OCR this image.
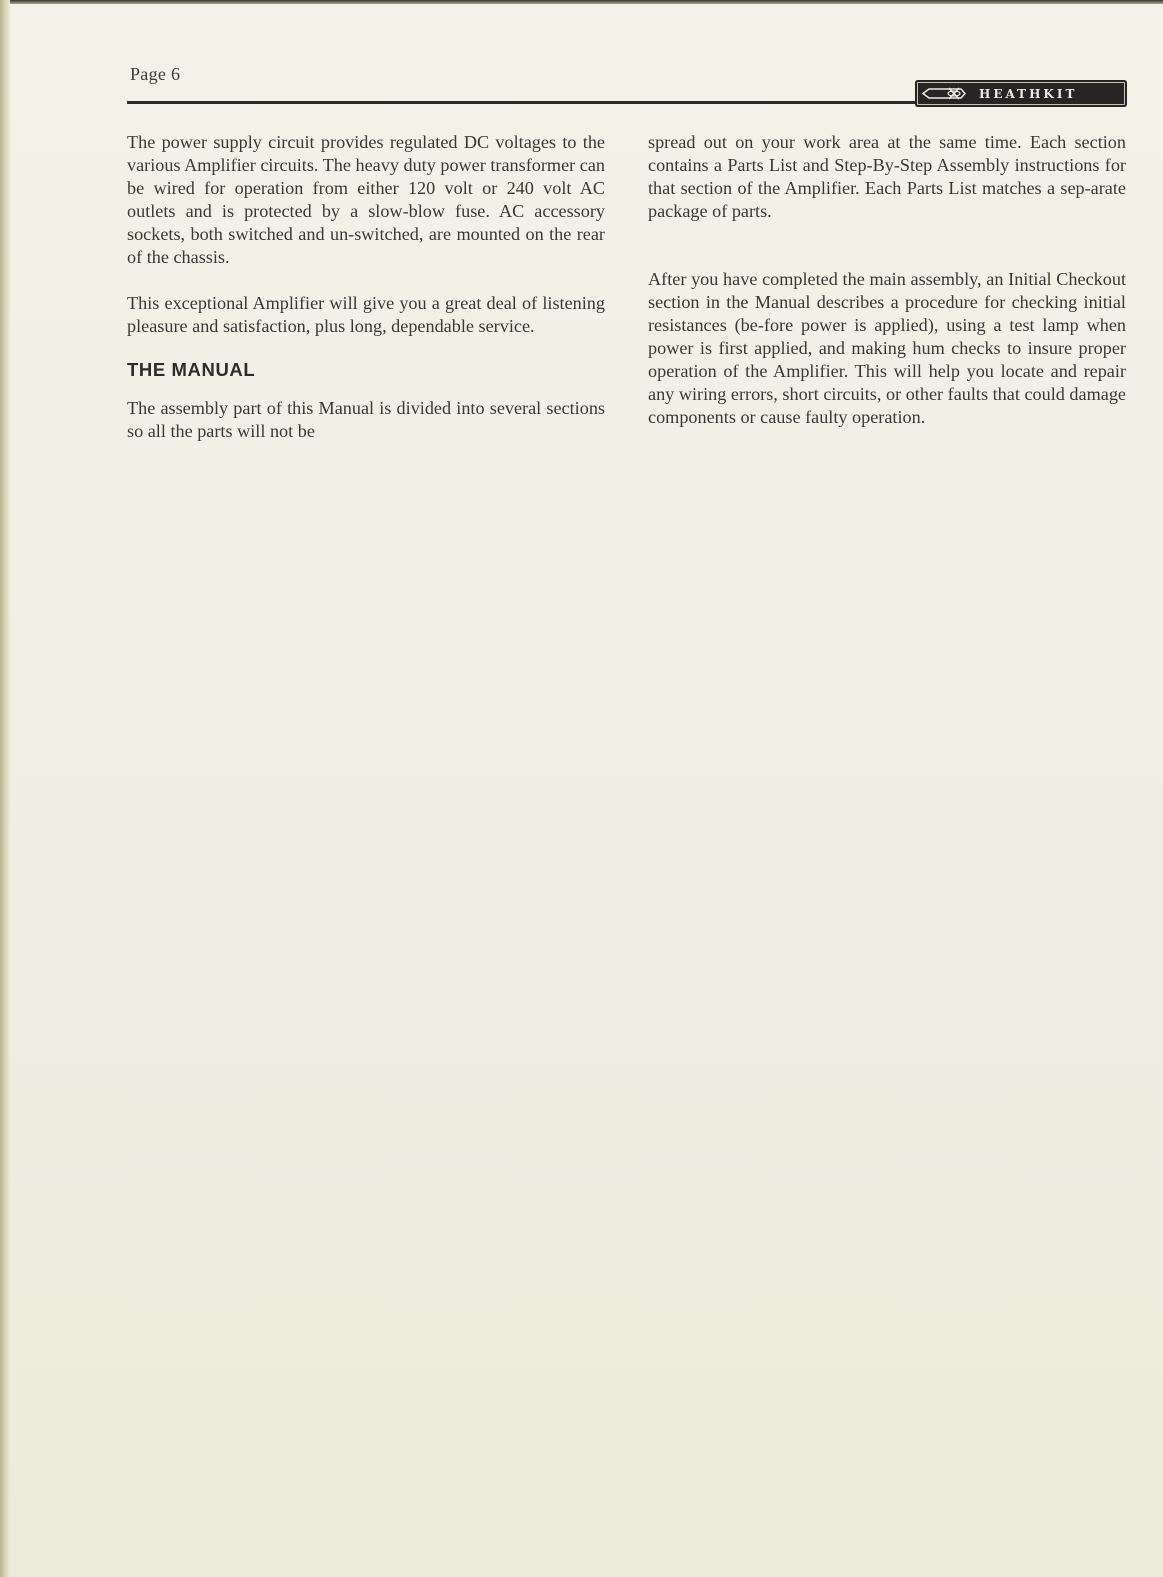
Page 6
HEATHKIT

The power supply circuit provides regulated DC voltages to the various Amplifier circuits. The heavy duty power transformer can be wired for operation from either 120 volt or 240 volt AC outlets and is protected by a slow-blow fuse. AC accessory sockets, both switched and un-switched, are mounted on the rear of the chassis.

This exceptional Amplifier will give you a great deal of listening pleasure and satisfaction, plus long, dependable service.

THE MANUAL

The assembly part of this Manual is divided into several sections so all the parts will not be

spread out on your work area at the same time. Each section contains a Parts List and Step-By-Step Assembly instructions for that section of the Amplifier. Each Parts List matches a sep-arate package of parts.

After you have completed the main assembly, an Initial Checkout section in the Manual describes a procedure for checking initial resistances (be-fore power is applied), using a test lamp when power is first applied, and making hum checks to insure proper operation of the Amplifier. This will help you locate and repair any wiring errors, short circuits, or other faults that could damage components or cause faulty operation.
